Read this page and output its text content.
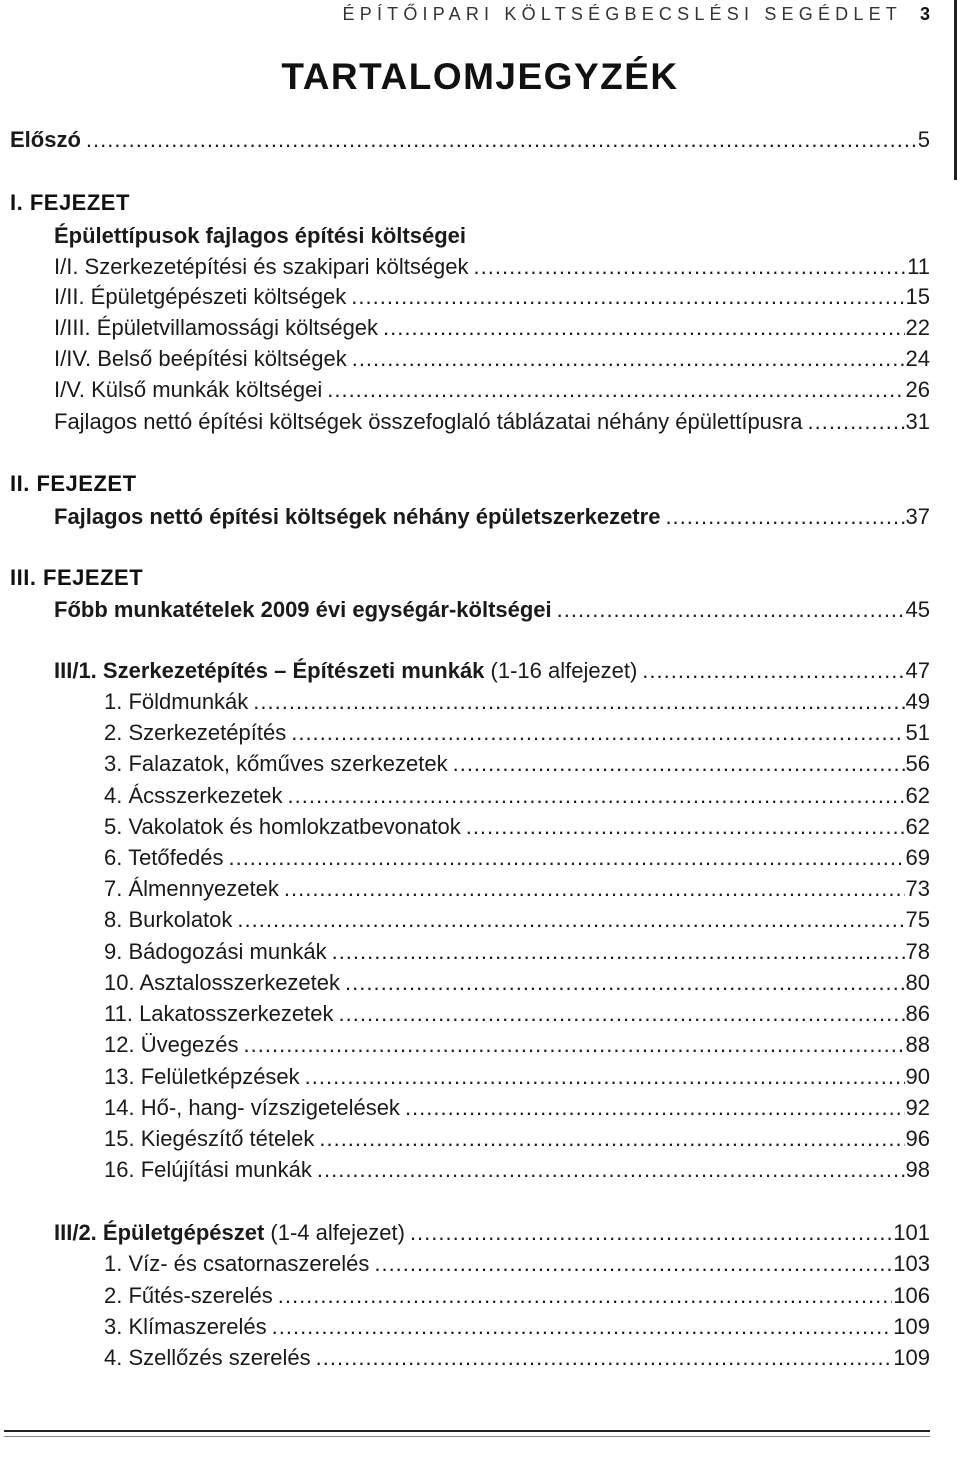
ÉPÍTŐIPARI KÖLTSÉGBECSLÉSI SEGÉDLET 3
TARTALOMJEGYZÉK
Előszó .....	5
I. FEJEZET
Épülettípusok fajlagos építési költségei
I/I. Szerkezetépítési és szakipari költségek .....	11
I/II. Épületgépészeti költségek .....	15
I/III. Épületvillamossági költségek .....	22
I/IV. Belső beépítési költségek .....	24
I/V. Külső munkák költségei .....	26
Fajlagos nettó építési költségek összefoglaló táblázatai néhány épülettípusra .....	31
II. FEJEZET
Fajlagos nettó építési költségek néhány épületszerkezetre .....	37
III. FEJEZET
Főbb munkatételek 2009 évi egységár-költségei .....	45
III/1. Szerkezetépítés – Építészeti munkák (1-16 alfejezet) .....	47
1. Földmunkák .....	49
2. Szerkezetépítés .....	51
3. Falazatok, kőműves szerkezetek .....	56
4. Ácsszerkezetek .....	62
5. Vakolatok és homlokzatbevonatok .....	62
6. Tetőfedés .....	69
7. Álmennyezetek .....	73
8. Burkolatok .....	75
9. Bádogozási munkák .....	78
10. Asztalosszerkezetek .....	80
11. Lakatosszerkezetek .....	86
12. Üvegezés .....	88
13. Felületképzések .....	90
14. Hő-, hang- vízszigetelések .....	92
15. Kiegészítő tételek .....	96
16. Felújítási munkák .....	98
III/2. Épületgépészet (1-4 alfejezet) .....	101
1. Víz- és csatornaszerelés .....	103
2. Fűtés-szerelés .....	106
3. Klímaszerelés .....	109
4. Szellőzés szerelés .....	109
